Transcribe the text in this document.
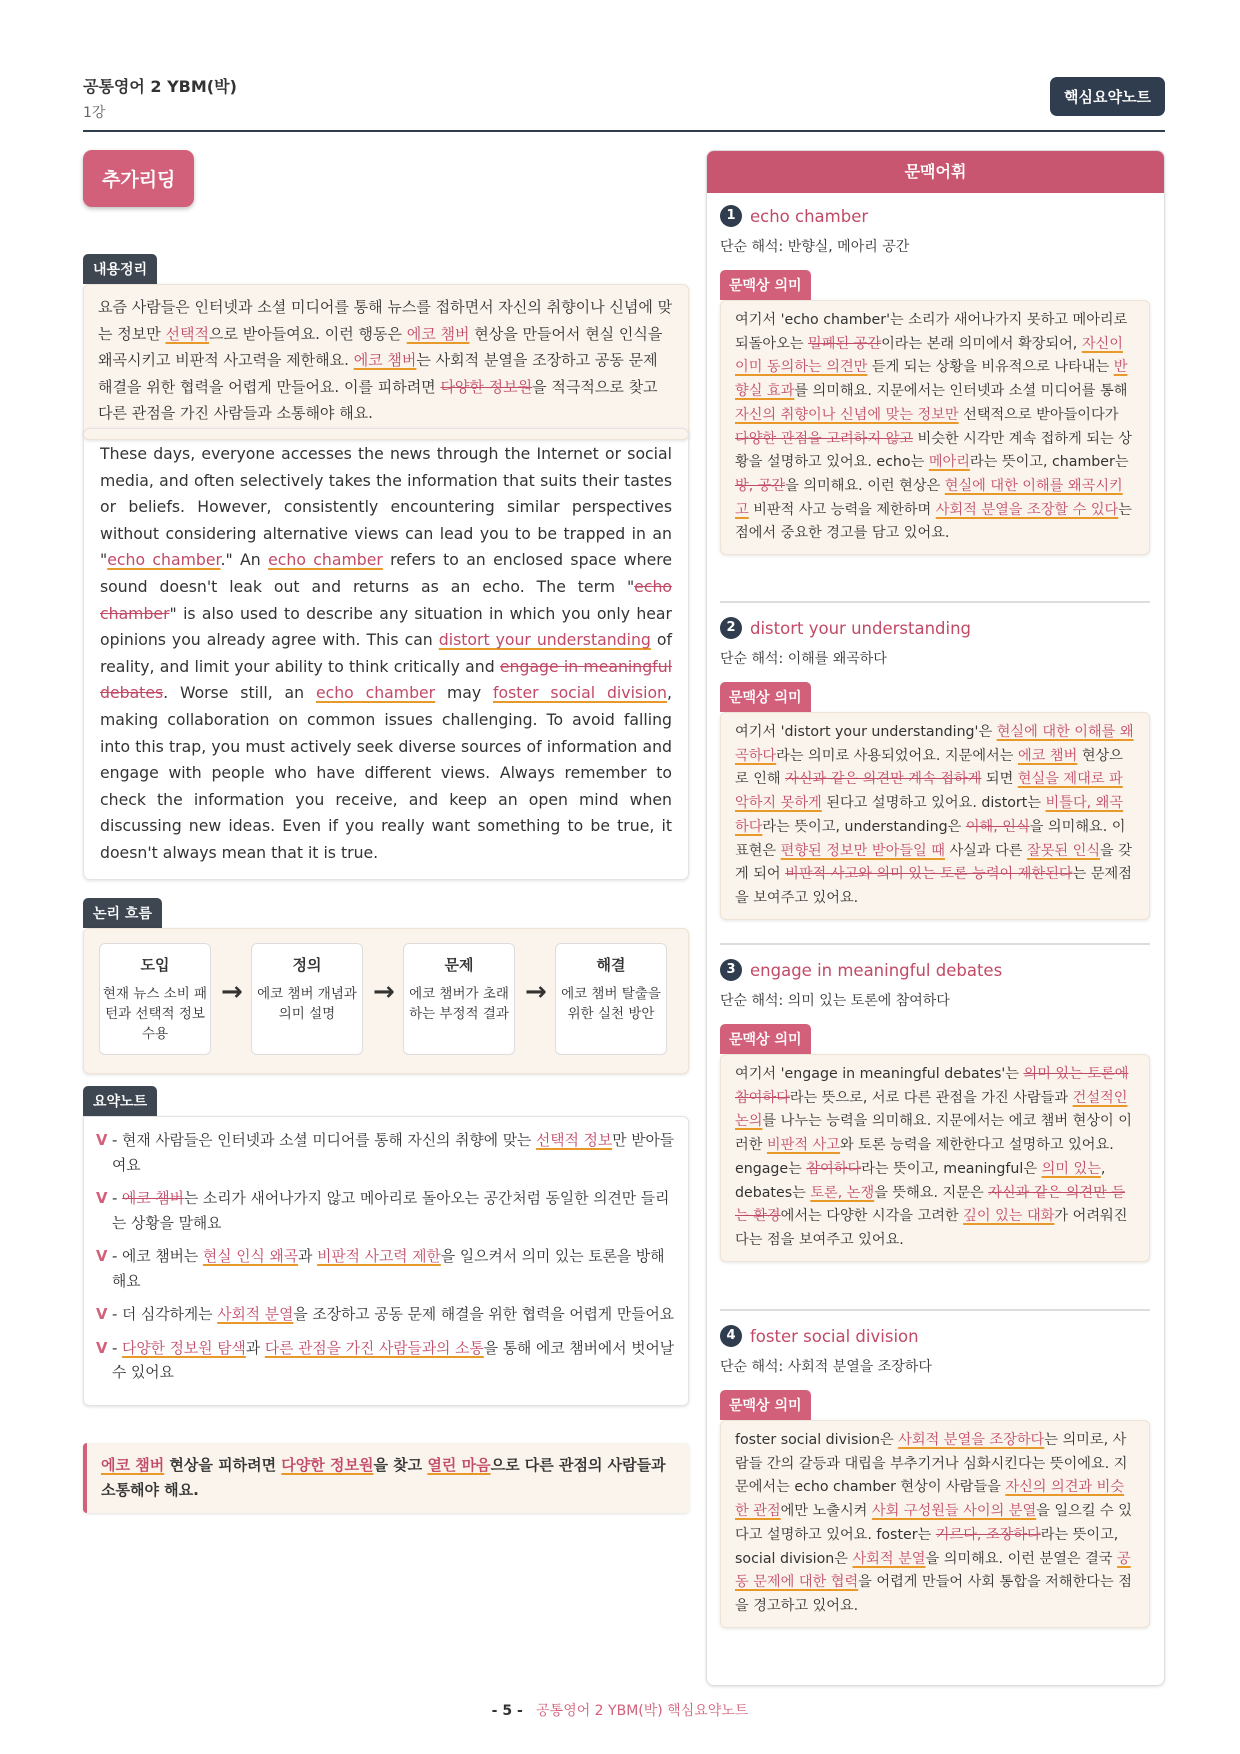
공통영어 2 YBM(박)
1강
핵심요약노트
추가리딩
내용정리
요즘 사람들은 인터넷과 소셜 미디어를 통해 뉴스를 접하면서 자신의 취향이나 신념에 맞는 정보만 선택적으로 받아들여요. 이런 행동은 에코 챔버 현상을 만들어서 현실 인식을 왜곡시키고 비판적 사고력을 제한해요. 에코 챔버는 사회적 분열을 조장하고 공동 문제 해결을 위한 협력을 어렵게 만들어요. 이를 피하려면 다양한 정보원을 적극적으로 찾고 다른 관점을 가진 사람들과 소통해야 해요.
These days, everyone accesses the news through the Internet or social media, and often selectively takes the information that suits their tastes or beliefs. However, consistently encountering similar perspectives without considering alternative views can lead you to be trapped in an "echo chamber." An echo chamber refers to an enclosed space where sound doesn't leak out and returns as an echo. The term "echo chamber" is also used to describe any situation in which you only hear opinions you already agree with. This can distort your understanding of reality, and limit your ability to think critically and engage in meaningful debates. Worse still, an echo chamber may foster social division, making collaboration on common issues challenging. To avoid falling into this trap, you must actively seek diverse sources of information and engage with people who have different views. Always remember to check the information you receive, and keep an open mind when discussing new ideas. Even if you really want something to be true, it doesn't always mean that it is true.
논리 흐름
도입
현재 뉴스 소비 패턴과 선택적 정보 수용
→
정의
에코 챔버 개념과 의미 설명
→
문제
에코 챔버가 초래하는 부정적 결과
→
해결
에코 챔버 탈출을 위한 실천 방안
요약노트
V - 현재 사람들은 인터넷과 소셜 미디어를 통해 자신의 취향에 맞는 선택적 정보만 받아들여요
V - 에코 챔버는 소리가 새어나가지 않고 메아리로 돌아오는 공간처럼 동일한 의견만 들리는 상황을 말해요
V - 에코 챔버는 현실 인식 왜곡과 비판적 사고력 제한을 일으켜서 의미 있는 토론을 방해해요
V - 더 심각하게는 사회적 분열을 조장하고 공동 문제 해결을 위한 협력을 어렵게 만들어요
V - 다양한 정보원 탐색과 다른 관점을 가진 사람들과의 소통을 통해 에코 챔버에서 벗어날 수 있어요
에코 챔버 현상을 피하려면 다양한 정보원을 찾고 열린 마음으로 다른 관점의 사람들과 소통해야 해요.
문맥어휘
1 echo chamber
단순 해석: 반향실, 메아리 공간
문맥상 의미
여기서 'echo chamber'는 소리가 새어나가지 못하고 메아리로 되돌아오는 밀폐된 공간이라는 본래 의미에서 확장되어, 자신이 이미 동의하는 의견만 듣게 되는 상황을 비유적으로 나타내는 반향실 효과를 의미해요. 지문에서는 인터넷과 소셜 미디어를 통해 자신의 취향이나 신념에 맞는 정보만 선택적으로 받아들이다가 다양한 관점을 고려하지 않고 비슷한 시각만 계속 접하게 되는 상황을 설명하고 있어요. echo는 메아리라는 뜻이고, chamber는 방, 공간을 의미해요. 이런 현상은 현실에 대한 이해를 왜곡시키고 비판적 사고 능력을 제한하며 사회적 분열을 조장할 수 있다는 점에서 중요한 경고를 담고 있어요.
2 distort your understanding
단순 해석: 이해를 왜곡하다
문맥상 의미
여기서 'distort your understanding'은 현실에 대한 이해를 왜곡하다라는 의미로 사용되었어요. 지문에서는 에코 챔버 현상으로 인해 자신과 같은 의견만 계속 접하게 되면 현실을 제대로 파악하지 못하게 된다고 설명하고 있어요. distort는 비틀다, 왜곡하다라는 뜻이고, understanding은 이해, 인식을 의미해요. 이 표현은 편향된 정보만 받아들일 때 사실과 다른 잘못된 인식을 갖게 되어 비판적 사고와 의미 있는 토론 능력이 제한된다는 문제점을 보여주고 있어요.
3 engage in meaningful debates
단순 해석: 의미 있는 토론에 참여하다
문맥상 의미
여기서 'engage in meaningful debates'는 의미 있는 토론에 참여하다라는 뜻으로, 서로 다른 관점을 가진 사람들과 건설적인 논의를 나누는 능력을 의미해요. 지문에서는 에코 챔버 현상이 이러한 비판적 사고와 토론 능력을 제한한다고 설명하고 있어요. engage는 참여하다라는 뜻이고, meaningful은 의미 있는, debates는 토론, 논쟁을 뜻해요. 지문은 자신과 같은 의견만 듣는 환경에서는 다양한 시각을 고려한 깊이 있는 대화가 어려워진다는 점을 보여주고 있어요.
4 foster social division
단순 해석: 사회적 분열을 조장하다
문맥상 의미
foster social division은 사회적 분열을 조장하다는 의미로, 사람들 간의 갈등과 대립을 부추기거나 심화시킨다는 뜻이에요. 지문에서는 echo chamber 현상이 사람들을 자신의 의견과 비슷한 관점에만 노출시켜 사회 구성원들 사이의 분열을 일으킬 수 있다고 설명하고 있어요. foster는 기르다, 조장하다라는 뜻이고, social division은 사회적 분열을 의미해요. 이런 분열은 결국 공동 문제에 대한 협력을 어렵게 만들어 사회 통합을 저해한다는 점을 경고하고 있어요.
- 5 - 공통영어 2 YBM(박) 핵심요약노트
